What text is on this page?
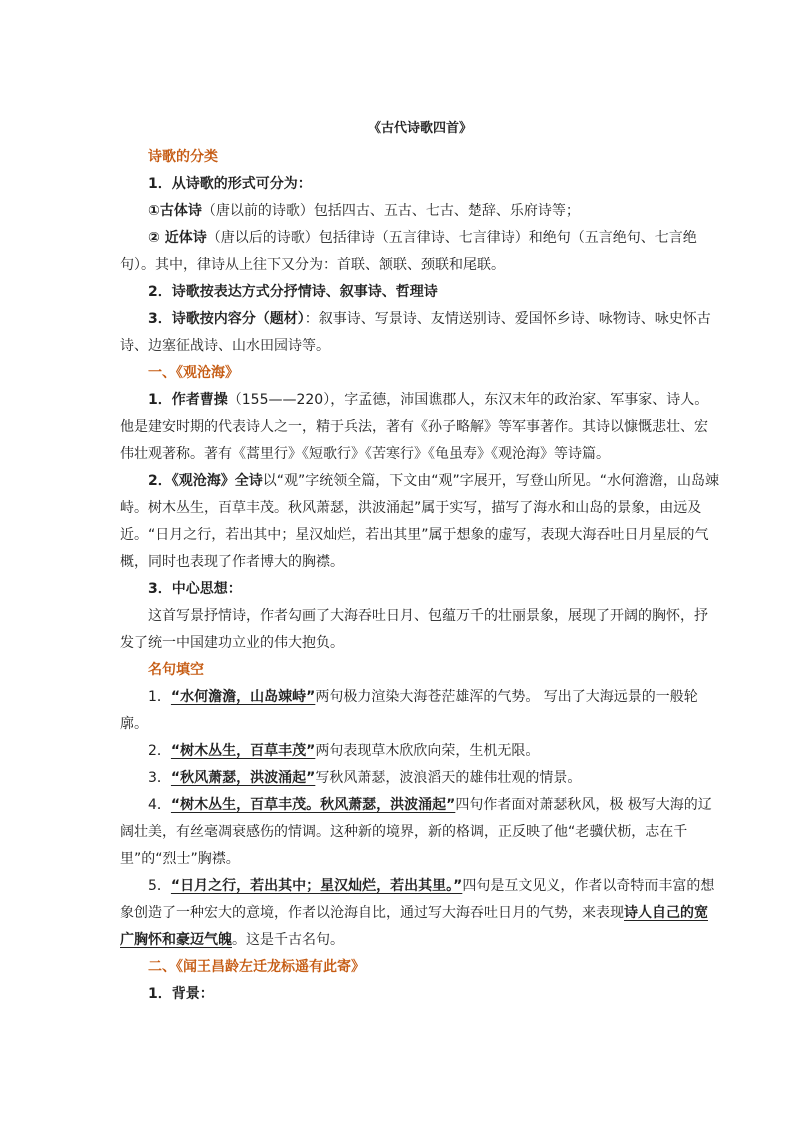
《古代诗歌四首》

诗歌的分类

1．从诗歌的形式可分为：

①古体诗（唐以前的诗歌）包括四古、五古、七古、楚辞、乐府诗等；

② 近体诗（唐以后的诗歌）包括律诗（五言律诗、七言律诗）和绝句（五言绝句、七言绝句）。其中，律诗从上往下又分为：首联、颔联、颈联和尾联。

2．诗歌按表达方式分抒情诗、叙事诗、哲理诗

3．诗歌按内容分（题材）：叙事诗、写景诗、友情送别诗、爱国怀乡诗、咏物诗、咏史怀古诗、边塞征战诗、山水田园诗等。

一、《观沧海》

1．作者曹操（155——220），字孟德，沛国谯郡人，东汉末年的政治家、军事家、诗人。他是建安时期的代表诗人之一，精于兵法，著有《孙子略解》等军事著作。其诗以慷慨悲壮、宏伟壮观著称。著有《蒿里行》《短歌行》《苦寒行》《龟虽寿》《观沧海》等诗篇。

2．《观沧海》全诗以“观”字统领全篇，下文由“观”字展开，写登山所见。“水何澹澹，山岛竦峙。树木丛生，百草丰茂。秋风萧瑟，洪波涌起”属于实写，描写了海水和山岛的景象，由远及近。“日月之行，若出其中；星汉灿烂，若出其里”属于想象的虚写，表现大海吞吐日月星辰的气概，同时也表现了作者博大的胸襟。

3．中心思想：

这首写景抒情诗，作者勾画了大海吞吐日月、包蕴万千的壮丽景象，展现了开阔的胸怀，抒发了统一中国建功立业的伟大抱负。

名句填空

1．“水何澹澹，山岛竦峙”两句极力渲染大海苍茫雄浑的气势。 写出了大海远景的一般轮廓。

2．“树木丛生，百草丰茂”两句表现草木欣欣向荣，生机无限。

3．“秋风萧瑟，洪波涌起”写秋风萧瑟，波浪滔天的雄伟壮观的情景。

4．“树木丛生，百草丰茂。秋风萧瑟，洪波涌起”四句作者面对萧瑟秋风，极 极写大海的辽阔壮美，有丝毫凋衰感伤的情调。这种新的境界，新的格调，正反映了他“老骥伏枥，志在千里”的“烈士”胸襟。

5．“日月之行，若出其中；星汉灿烂，若出其里。”四句是互文见义，作者以奇特而丰富的想象创造了一种宏大的意境，作者以沧海自比，通过写大海吞吐日月的气势，来表现诗人自己的宽广胸怀和豪迈气魄。这是千古名句。

二、《闻王昌龄左迁龙标遥有此寄》

1．背景：
